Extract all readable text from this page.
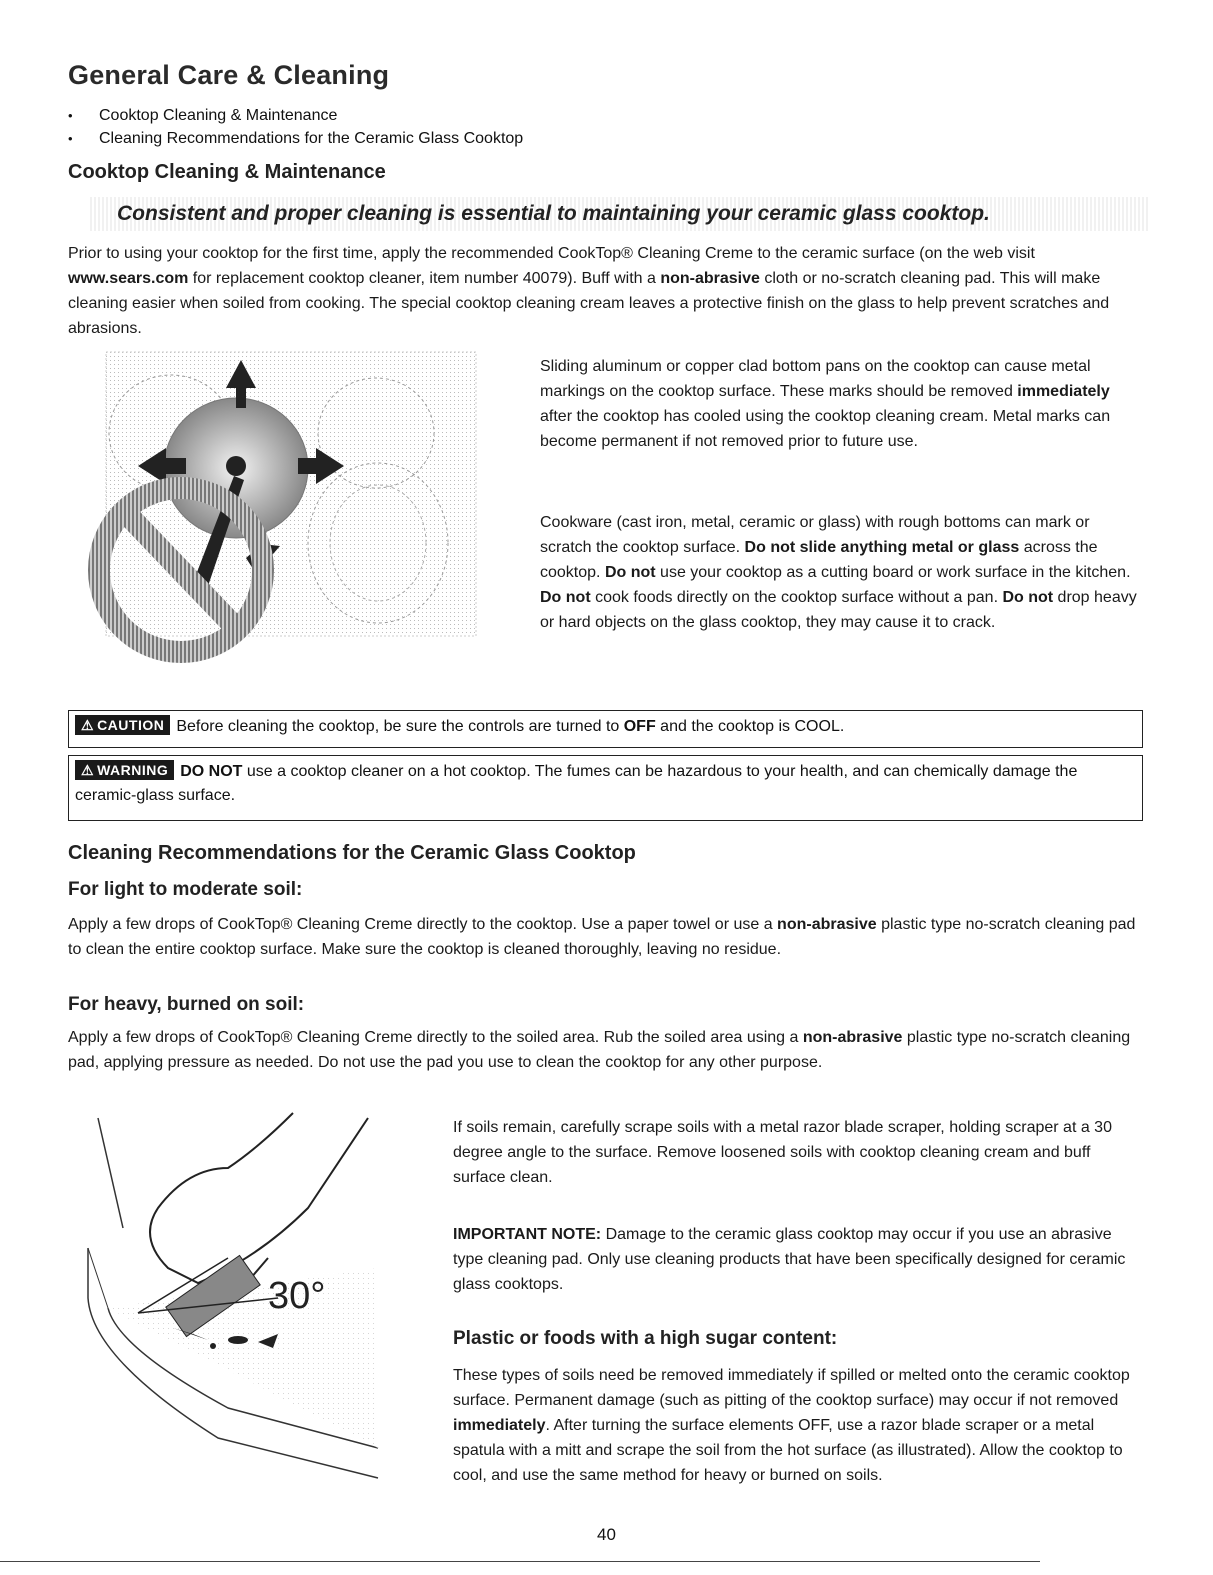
General Care & Cleaning
• Cooktop Cleaning & Maintenance
• Cleaning Recommendations for the Ceramic Glass Cooktop
Cooktop Cleaning & Maintenance
Consistent and proper cleaning is essential to maintaining your ceramic glass cooktop.

Prior to using your cooktop for the first time, apply the recommended CookTop® Cleaning Creme to the ceramic surface (on the web visit www.sears.com for replacement cooktop cleaner, item number 40079). Buff with a non-abrasive cloth or no-scratch cleaning pad. This will make cleaning easier when soiled from cooking. The special cooktop cleaning cream leaves a protective finish on the glass to help prevent scratches and abrasions.

Sliding aluminum or copper clad bottom pans on the cooktop can cause metal markings on the cooktop surface. These marks should be removed immediately after the cooktop has cooled using the cooktop cleaning cream. Metal marks can become permanent if not removed prior to future use.

Cookware (cast iron, metal, ceramic or glass) with rough bottoms can mark or scratch the cooktop surface. Do not slide anything metal or glass across the cooktop. Do not use your cooktop as a cutting board or work surface in the kitchen. Do not cook foods directly on the cooktop surface without a pan. Do not drop heavy or hard objects on the glass cooktop, they may cause it to crack.

⚠ CAUTION Before cleaning the cooktop, be sure the controls are turned to OFF and the cooktop is COOL.
⚠ WARNING DO NOT use a cooktop cleaner on a hot cooktop. The fumes can be hazardous to your health, and can chemically damage the ceramic-glass surface.
Cleaning Recommendations for the Ceramic Glass Cooktop
For light to moderate soil:

Apply a few drops of CookTop® Cleaning Creme directly to the cooktop. Use a paper towel or use a non-abrasive plastic type no-scratch cleaning pad to clean the entire cooktop surface. Make sure the cooktop is cleaned thoroughly, leaving no residue.

For heavy, burned on soil:

Apply a few drops of CookTop® Cleaning Creme directly to the soiled area. Rub the soiled area using a non-abrasive plastic type no-scratch cleaning pad, applying pressure as needed. Do not use the pad you use to clean the cooktop for any other purpose.

30°

If soils remain, carefully scrape soils with a metal razor blade scraper, holding scraper at a 30 degree angle to the surface. Remove loosened soils with cooktop cleaning cream and buff surface clean.

IMPORTANT NOTE: Damage to the ceramic glass cooktop may occur if you use an abrasive type cleaning pad. Only use cleaning products that have been specifically designed for ceramic glass cooktops.

Plastic or foods with a high sugar content:

These types of soils need be removed immediately if spilled or melted onto the ceramic cooktop surface. Permanent damage (such as pitting of the cooktop surface) may occur if not removed immediately. After turning the surface elements OFF, use a razor blade scraper or a metal spatula with a mitt and scrape the soil from the hot surface (as illustrated). Allow the cooktop to cool, and use the same method for heavy or burned on soils.

40
